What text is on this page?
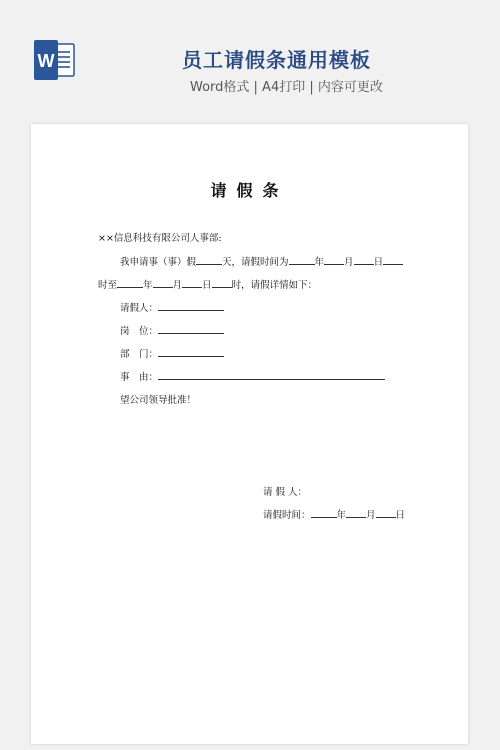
W	员工请假条通用模板
Word格式 | A4打印 | 内容可更改
请假条
××信息科技有限公司人事部:
我申请事（事）假	天，请假时间为	年 月 日
时至	年 月 日 时，请假详情如下：
请假人：
岗　位：
部　门：
事　由：
望公司领导批准！
请 假 人：
请假时间：	年 月 日
